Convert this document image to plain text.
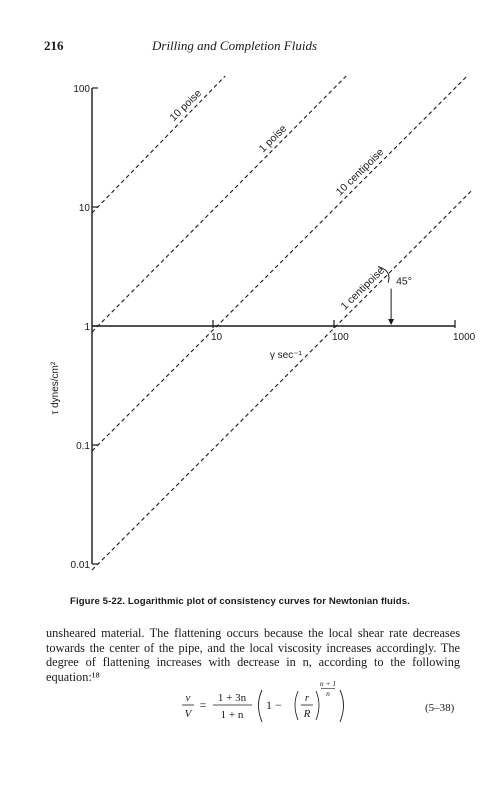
216	Drilling and Completion Fluids
0.01
0.1
1
10
100
10	100	1000
γ sec⁻¹
τ dynes/cm²
10 poise
1 poise
10 centipoise
1 centipoise 45°
Figure 5-22. Logarithmic plot of consistency curves for Newtonian fluids.

unsheared material. The flattening occurs because the local shear rate decreases towards the center of the pipe, and the local viscosity increases accordingly. The degree of flattening increases with decrease in n, according to the following equation:¹⁸

v
V
= 1 + 3n
1 + n
1 − r
R
n + 1
n
(5–38)
